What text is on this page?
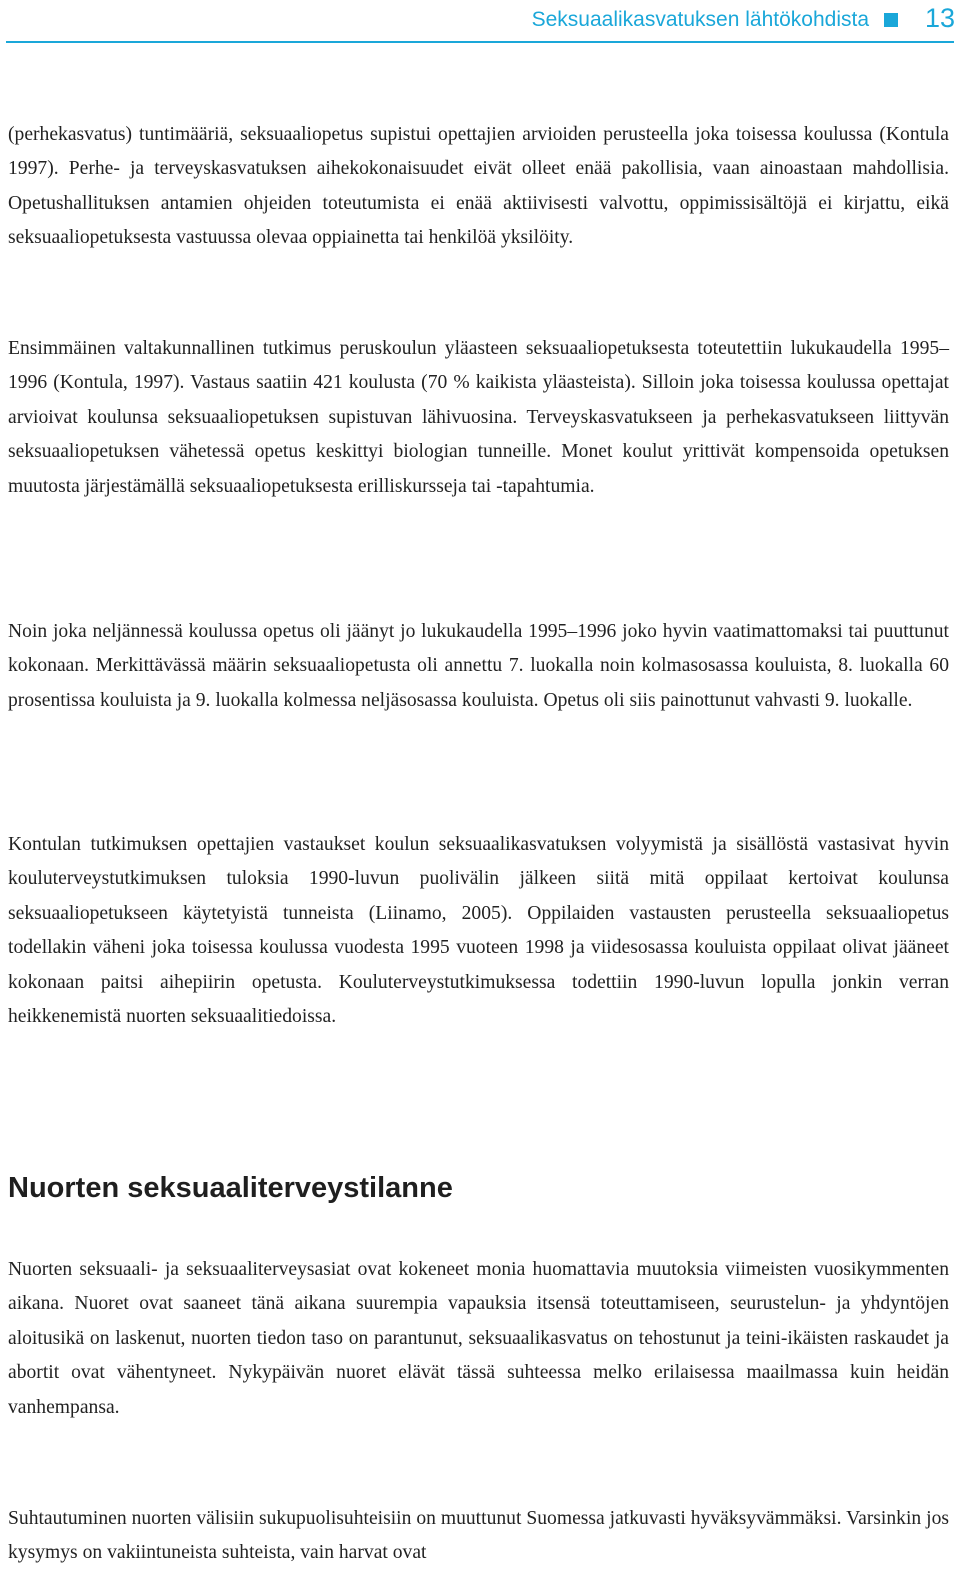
Seksuaalikasvatuksen lähtökohdista 13

(perhekasvatus) tuntimääriä, seksuaaliopetus supistui opettajien arvioiden perusteella joka toisessa koulussa (Kontula 1997). Perhe- ja terveyskasvatuksen aihekokonaisuudet eivät olleet enää pakollisia, vaan ainoastaan mahdollisia. Opetushallituksen antamien ohjeiden toteutumista ei enää aktiivisesti valvottu, oppimissisältöjä ei kirjattu, eikä seksuaaliopetuksesta vastuussa olevaa oppiainetta tai henkilöä yksilöity.

Ensimmäinen valtakunnallinen tutkimus peruskoulun yläasteen seksuaaliopetuksesta toteutettiin lukukaudella 1995–1996 (Kontula, 1997). Vastaus saatiin 421 koulusta (70 % kaikista yläasteista). Silloin joka toisessa koulussa opettajat arvioivat koulunsa seksuaaliopetuksen supistuvan lähivuosina. Terveyskasvatukseen ja perhekasvatukseen liittyvän seksuaaliopetuksen vähetessä opetus keskittyi biologian tunneille. Monet koulut yrittivät kompensoida opetuksen muutosta järjestämällä seksuaaliopetuksesta erilliskursseja tai -tapahtumia.

Noin joka neljännessä koulussa opetus oli jäänyt jo lukukaudella 1995–1996 joko hyvin vaatimattomaksi tai puuttunut kokonaan. Merkittävässä määrin seksuaaliopetusta oli annettu 7. luokalla noin kolmasosassa kouluista, 8. luokalla 60 prosentissa kouluista ja 9. luokalla kolmessa neljäsosassa kouluista. Opetus oli siis painottunut vahvasti 9. luokalle.

Kontulan tutkimuksen opettajien vastaukset koulun seksuaalikasvatuksen volyymistä ja sisällöstä vastasivat hyvin kouluterveystutkimuksen tuloksia 1990-luvun puolivälin jälkeen siitä mitä oppilaat kertoivat koulunsa seksuaaliopetukseen käytetyistä tunneista (Liinamo, 2005). Oppilaiden vastausten perusteella seksuaaliopetus todellakin väheni joka toisessa koulussa vuodesta 1995 vuoteen 1998 ja viidesosassa kouluista oppilaat olivat jääneet kokonaan paitsi aihepiirin opetusta. Kouluterveystutkimuksessa todettiin 1990-luvun lopulla jonkin verran heikkenemistä nuorten seksuaalitiedoissa.

Nuorten seksuaaliterveystilanne

Nuorten seksuaali- ja seksuaaliterveysasiat ovat kokeneet monia huomattavia muutoksia viimeisten vuosikymmenten aikana. Nuoret ovat saaneet tänä aikana suurempia vapauksia itsensä toteuttamiseen, seurustelun- ja yhdyntöjen aloitusikä on laskenut, nuorten tiedon taso on parantunut, seksuaalikasvatus on tehostunut ja teini-ikäisten raskaudet ja abortit ovat vähentyneet. Nykypäivän nuoret elävät tässä suhteessa melko erilaisessa maailmassa kuin heidän vanhempansa.

Suhtautuminen nuorten välisiin sukupuolisuhteisiin on muuttunut Suomessa jatkuvasti hyväksyvämmäksi. Varsinkin jos kysymys on vakiintuneista suhteista, vain harvat ovat
